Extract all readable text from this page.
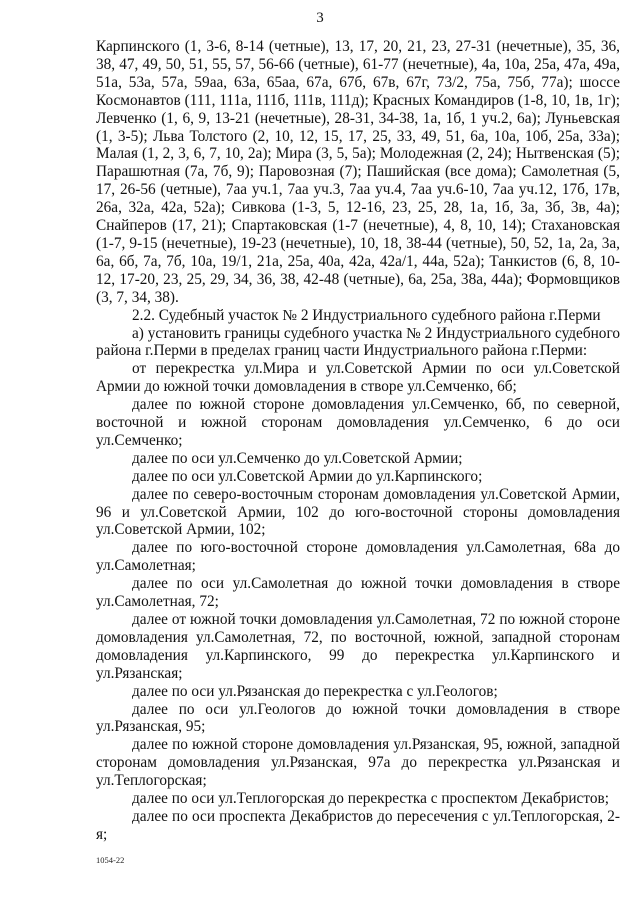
3

Карпинского (1, 3-6, 8-14 (четные), 13, 17, 20, 21, 23, 27-31 (нечетные), 35, 36, 38, 47, 49, 50, 51, 55, 57, 56-66 (четные), 61-77 (нечетные), 4а, 10а, 25а, 47а, 49а, 51а, 53а, 57а, 59аа, 63а, 65аа, 67а, 67б, 67в, 67г, 73/2, 75а, 75б, 77а); шоссе Космонавтов (111, 111а, 111б, 111в, 111д); Красных Командиров (1-8, 10, 1в, 1г); Левченко (1, 6, 9, 13-21 (нечетные), 28-31, 34-38, 1а, 1б, 1 уч.2, 6а); Луньевская (1, 3-5); Льва Толстого (2, 10, 12, 15, 17, 25, 33, 49, 51, 6а, 10а, 10б, 25а, 33а); Малая (1, 2, 3, 6, 7, 10, 2а); Мира (3, 5, 5а); Молодежная (2, 24); Нытвенская (5); Парашютная (7а, 7б, 9); Паровозная (7); Пашийская (все дома); Самолетная (5, 17, 26-56 (четные), 7аа уч.1, 7аа уч.3, 7аа уч.4, 7аа уч.6-10, 7аа уч.12, 17б, 17в, 26а, 32а, 42а, 52а); Сивкова (1-3, 5, 12-16, 23, 25, 28, 1а, 1б, 3а, 3б, 3в, 4а); Снайперов (17, 21); Спартаковская (1-7 (нечетные), 4, 8, 10, 14); Стахановская (1-7, 9-15 (нечетные), 19-23 (нечетные), 10, 18, 38-44 (четные), 50, 52, 1а, 2а, 3а, 6а, 6б, 7а, 7б, 10а, 19/1, 21а, 25а, 40а, 42а, 42а/1, 44а, 52а); Танкистов (6, 8, 10-12, 17-20, 23, 25, 29, 34, 36, 38, 42-48 (четные), 6а, 25а, 38а, 44а); Формовщиков (3, 7, 34, 38).

2.2. Судебный участок № 2 Индустриального судебного района г.Перми

а) установить границы судебного участка № 2 Индустриального судебного района г.Перми в пределах границ части Индустриального района г.Перми:

от перекрестка ул.Мира и ул.Советской Армии по оси ул.Советской Армии до южной точки домовладения в створе ул.Семченко, 6б;

далее по южной стороне домовладения ул.Семченко, 6б, по северной, восточной и южной сторонам домовладения ул.Семченко, 6 до оси ул.Семченко;

далее по оси ул.Семченко до ул.Советской Армии;

далее по оси ул.Советской Армии до ул.Карпинского;

далее по северо-восточным сторонам домовладения ул.Советской Армии, 96 и ул.Советской Армии, 102 до юго-восточной стороны домовладения ул.Советской Армии, 102;

далее по юго-восточной стороне домовладения ул.Самолетная, 68а до ул.Самолетная;

далее по оси ул.Самолетная до южной точки домовладения в створе ул.Самолетная, 72;

далее от южной точки домовладения ул.Самолетная, 72 по южной стороне домовладения ул.Самолетная, 72, по восточной, южной, западной сторонам домовладения ул.Карпинского, 99 до перекрестка ул.Карпинского и ул.Рязанская;

далее по оси ул.Рязанская до перекрестка с ул.Геологов;

далее по оси ул.Геологов до южной точки домовладения в створе ул.Рязанская, 95;

далее по южной стороне домовладения ул.Рязанская, 95, южной, западной сторонам домовладения ул.Рязанская, 97а до перекрестка ул.Рязанская и ул.Теплогорская;

далее по оси ул.Теплогорская до перекрестка с проспектом Декабристов;

далее по оси проспекта Декабристов до пересечения с ул.Теплогорская, 2-я;

1054-22
